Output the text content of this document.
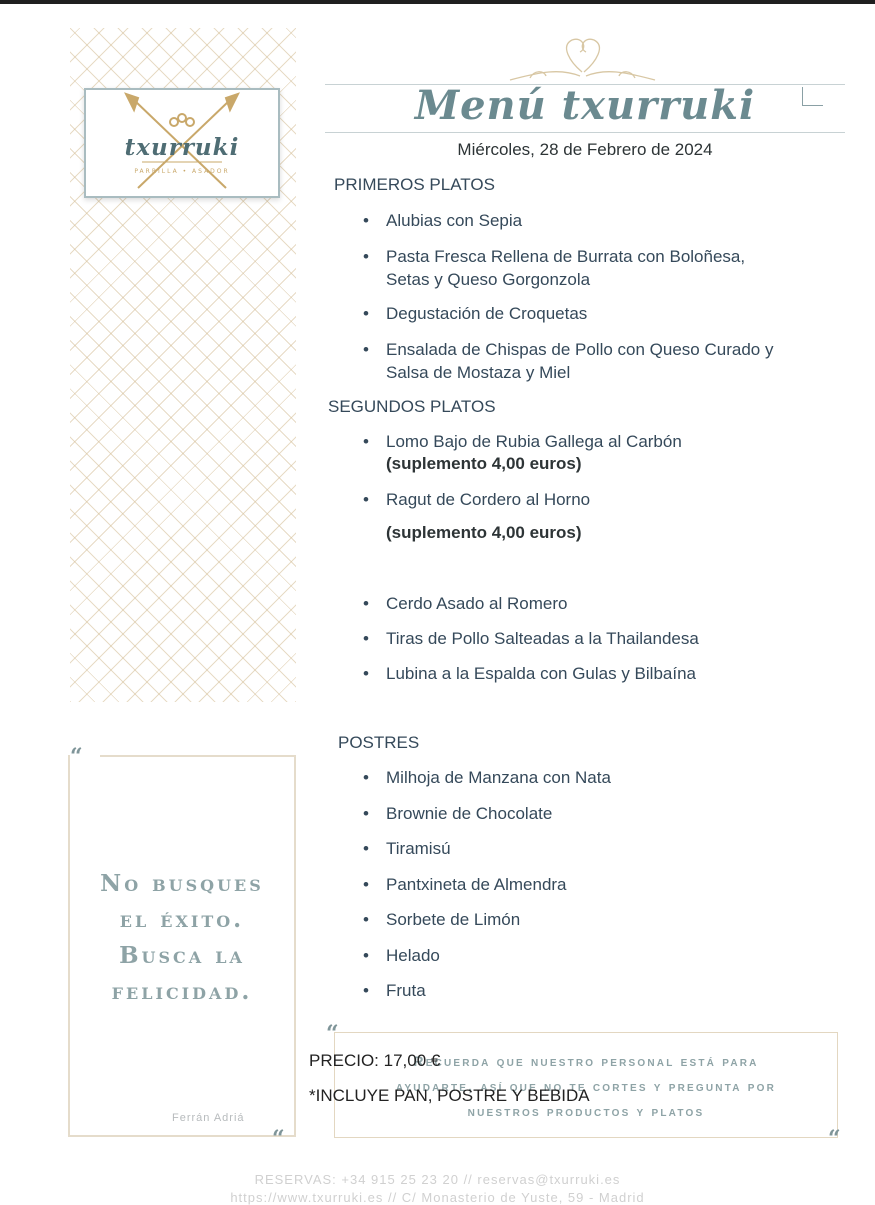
txurruki
PARRILLA • ASADOR
Menú txurruki
Miércoles, 28 de Febrero de 2024
PRIMEROS PLATOS
• Alubias con Sepia
• Pasta Fresca Rellena de Burrata con Boloñesa,
Setas y Queso Gorgonzola
• Degustación de Croquetas
• Ensalada de Chispas de Pollo con Queso Curado y
Salsa de Mostaza y Miel
SEGUNDOS PLATOS
• Lomo Bajo de Rubia Gallega al Carbón
(suplemento 4,00 euros)
• Ragut de Cordero al Horno
(suplemento 4,00 euros)
• Cerdo Asado al Romero
• Tiras de Pollo Salteadas a la Thailandesa
• Lubina a la Espalda con Gulas y Bilbaína
POSTRES
• Milhoja de Manzana con Nata
• Brownie de Chocolate
• Tiramisú
• Pantxineta de Almendra
• Sorbete de Limón
• Helado
• Fruta
“
No busques
el éxito.
Busca la
felicidad.
Ferrán Adriá
“
“
Recuerda que nuestro personal está para
ayudarte, así que no te cortes y pregunta por
nuestros productos y platos
“
PRECIO: 17,00 €
*INCLUYE PAN, POSTRE Y BEBIDA
RESERVAS: +34 915 25 23 20 // reservas@txurruki.es
https://www.txurruki.es // C/ Monasterio de Yuste, 59 - Madrid
